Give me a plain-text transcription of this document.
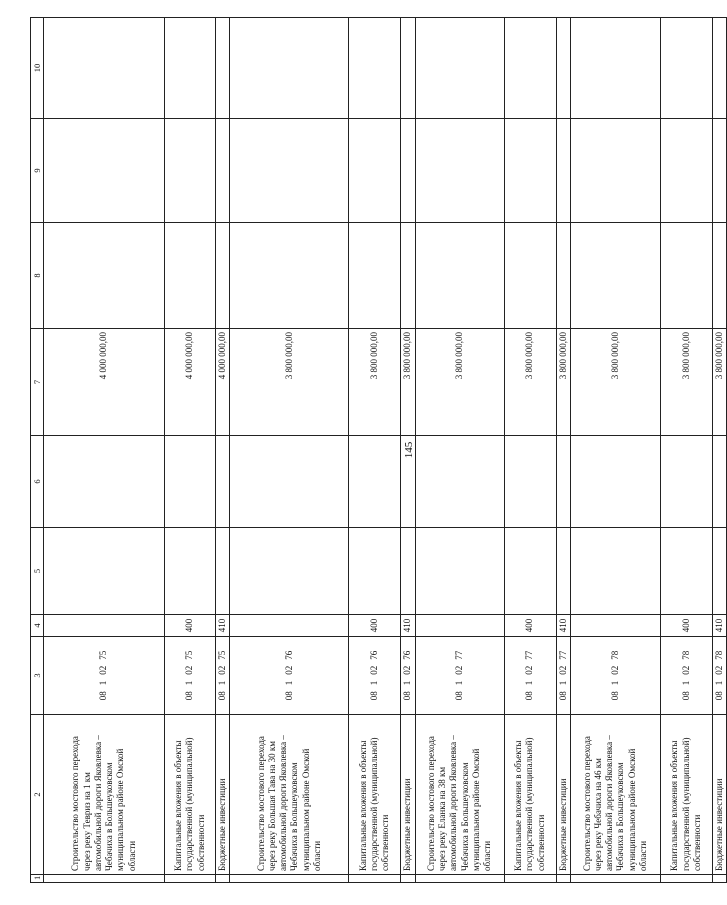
145
1	2	3	4	5	6	7	8	9	10
	Строительство мостового перехода через реку Тевриз на 1 км автомобильной дороги Яковлевка – Чебачиха в Большеуковском муниципальном районе Омской области	0810275				4 000 000,00			
	Капитальные вложения в объекты государственной (муниципальной) собственности	0810275	400			4 000 000,00			
	Бюджетные инвестиции	0810275	410			4 000 000,00			
	Строительство мостового перехода через реку Большая Тава на 30 км автомобильной дороги Яковлевка – Чебачиха в Большеуковском муниципальном районе Омской области	0810276				3 800 000,00			
	Капитальные вложения в объекты государственной (муниципальной) собственности	0810276	400			3 800 000,00			
	Бюджетные инвестиции	0810276	410			3 800 000,00			
	Строительство мостового перехода через реку Еланка на 38 км автомобильной дороги Яковлевка – Чебачиха в Большеуковском муниципальном районе Омской области	0810277				3 800 000,00			
	Капитальные вложения в объекты государственной (муниципальной) собственности	0810277	400			3 800 000,00			
	Бюджетные инвестиции	0810277	410			3 800 000,00			
	Строительство мостового перехода через реку Чебачиха на 46 км автомобильной дороги Яковлевка – Чебачиха в Большеуковском муниципальном районе Омской области	0810278				3 800 000,00			
	Капитальные вложения в объекты государственной (муниципальной) собственности	0810278	400			3 800 000,00			
	Бюджетные инвестиции	0810278	410			3 800 000,00			
